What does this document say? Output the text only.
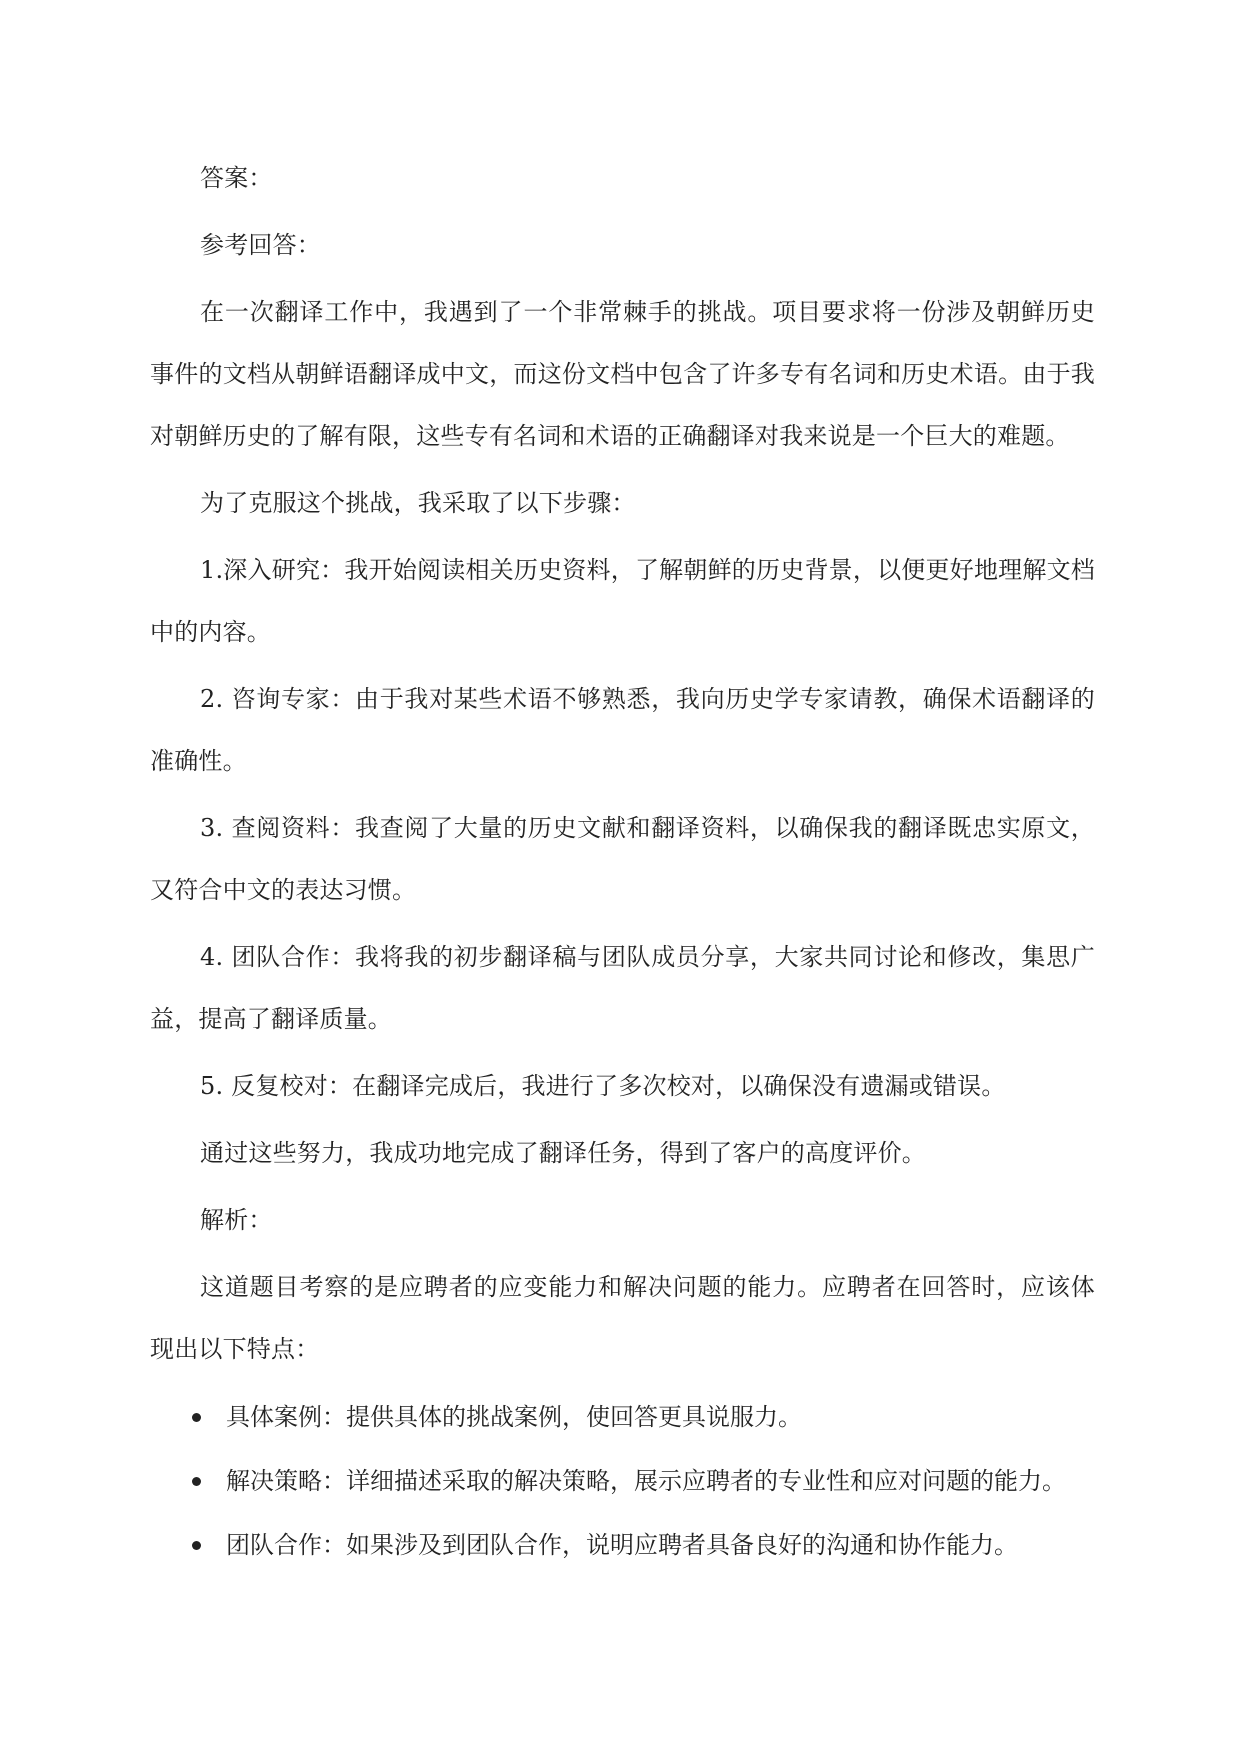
答案：

参考回答：

在一次翻译工作中，我遇到了一个非常棘手的挑战。项目要求将一份涉及朝鲜历史事件的文档从朝鲜语翻译成中文，而这份文档中包含了许多专有名词和历史术语。由于我对朝鲜历史的了解有限，这些专有名词和术语的正确翻译对我来说是一个巨大的难题。

为了克服这个挑战，我采取了以下步骤：

1.深入研究：我开始阅读相关历史资料，了解朝鲜的历史背景，以便更好地理解文档中的内容。

2. 咨询专家：由于我对某些术语不够熟悉，我向历史学专家请教，确保术语翻译的准确性。

3. 查阅资料：我查阅了大量的历史文献和翻译资料，以确保我的翻译既忠实原文，又符合中文的表达习惯。

4. 团队合作：我将我的初步翻译稿与团队成员分享，大家共同讨论和修改，集思广益，提高了翻译质量。

5. 反复校对：在翻译完成后，我进行了多次校对，以确保没有遗漏或错误。

通过这些努力，我成功地完成了翻译任务，得到了客户的高度评价。

解析：

这道题目考察的是应聘者的应变能力和解决问题的能力。应聘者在回答时，应该体现出以下特点：

具体案例：提供具体的挑战案例，使回答更具说服力。
解决策略：详细描述采取的解决策略，展示应聘者的专业性和应对问题的能力。
团队合作：如果涉及到团队合作，说明应聘者具备良好的沟通和协作能力。
